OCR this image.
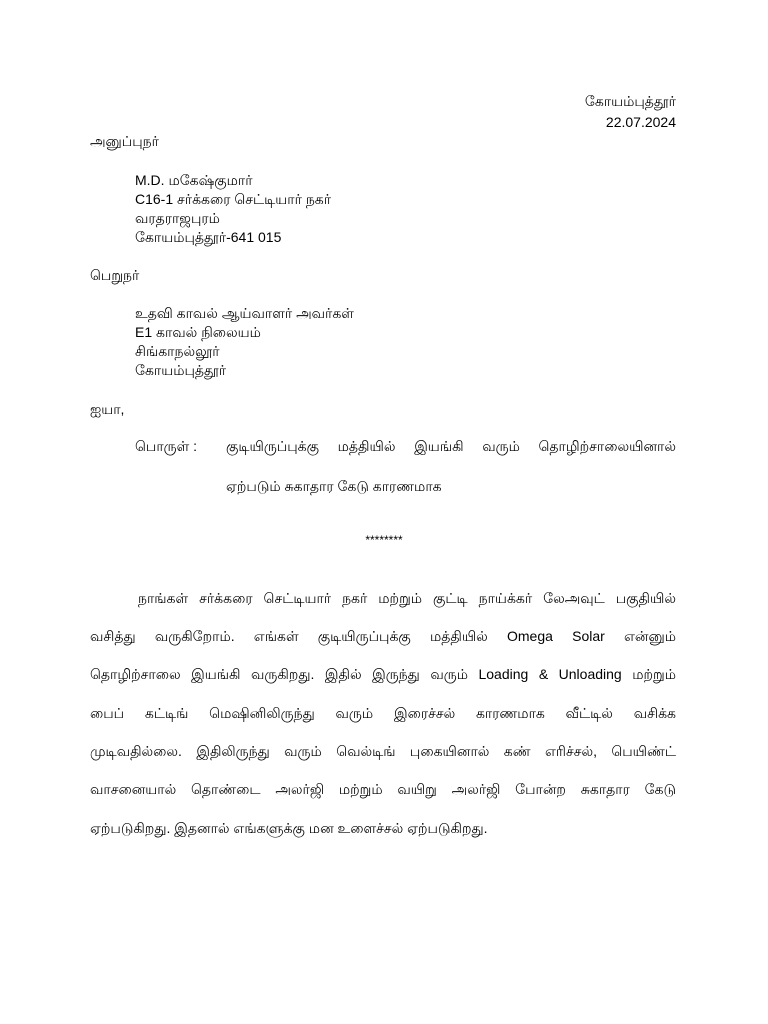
கோயம்புத்தூர்
22.07.2024
அனுப்புநர்
M.D. மகேஷ்குமார்
C16-1 சர்க்கரை செட்டியார் நகர்
வரதராஜபுரம்
கோயம்புத்தூர்-641 015
பெறுநர்
உதவி காவல் ஆய்வாளர் அவர்கள்
E1 காவல் நிலையம்
சிங்காநல்லூர்
கோயம்புத்தூர்
ஐயா,
பொருள் : குடியிருப்புக்கு மத்தியில் இயங்கி வரும் தொழிற்சாலையினால்
ஏற்படும் சுகாதார கேடு காரணமாக
********
நாங்கள் சர்க்கரை செட்டியார் நகர் மற்றும் குட்டி நாய்க்கர் லேஅவுட் பகுதியில்
வசித்து வருகிறோம். எங்கள் குடியிருப்புக்கு மத்தியில் Omega Solar என்னும்
தொழிற்சாலை இயங்கி வருகிறது. இதில் இருந்து வரும் Loading & Unloading மற்றும்
பைப் கட்டிங் மெஷினிலிருந்து வரும் இரைச்சல் காரணமாக வீட்டில் வசிக்க
முடிவதில்லை. இதிலிருந்து வரும் வெல்டிங் புகையினால் கண் எரிச்சல், பெயிண்ட்
வாசனையால் தொண்டை அலர்ஜி மற்றும் வயிறு அலர்ஜி போன்ற சுகாதார கேடு
ஏற்படுகிறது. இதனால் எங்களுக்கு மன உளைச்சல் ஏற்படுகிறது.
